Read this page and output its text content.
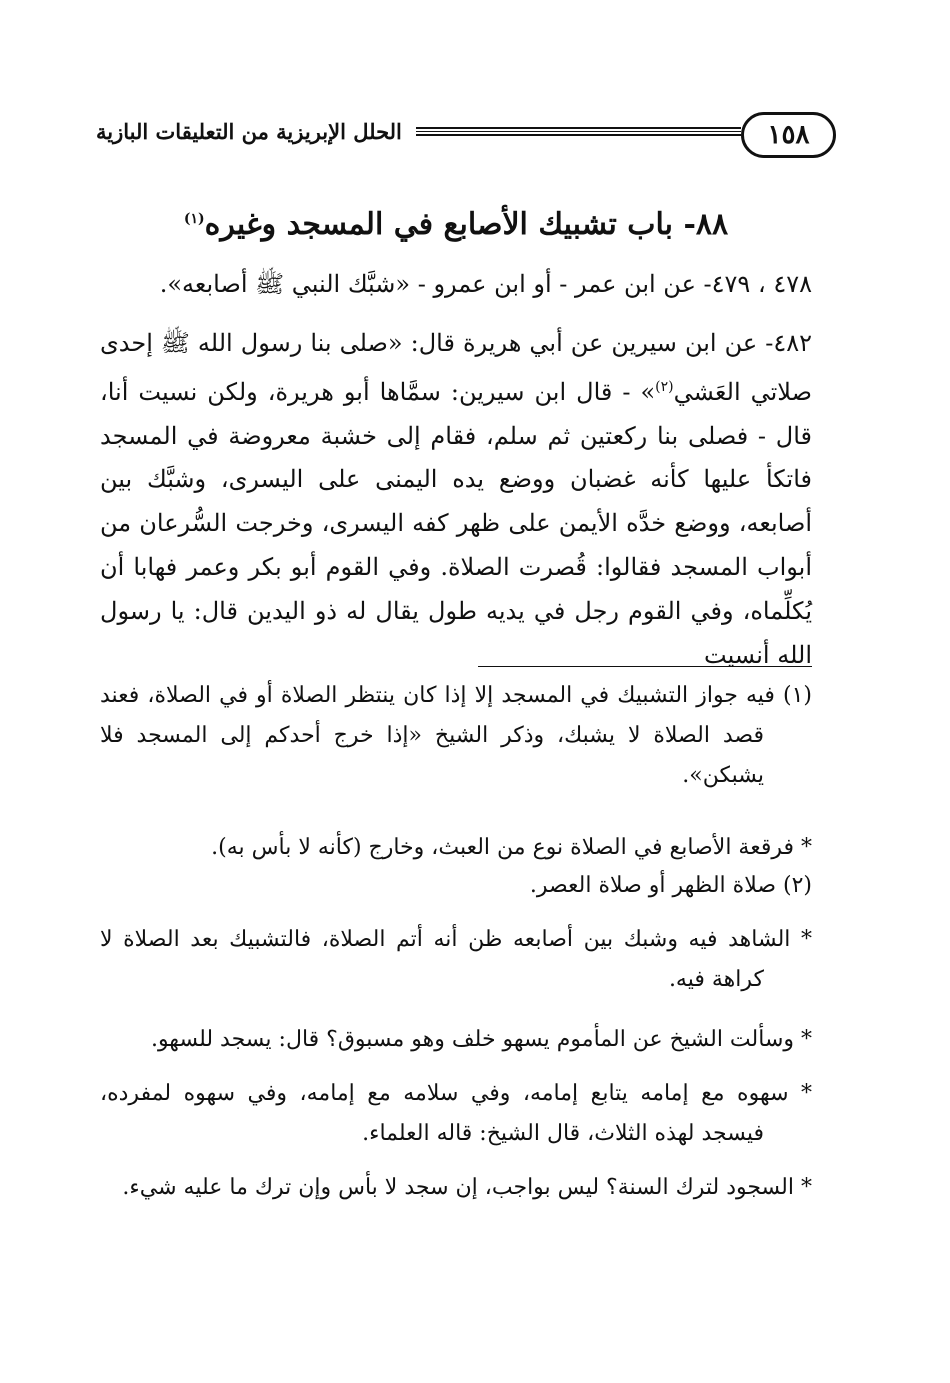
١٥٨
الحلل الإبريزية من التعليقات البازية
٨٨- باب تشبيك الأصابع في المسجد وغيره$^{(١)}$
٤٧٨ ، ٤٧٩- عن ابن عمر - أو ابن عمرو - «شبَّك النبي ﷺ أصابعه».
٤٨٢- عن ابن سيرين عن أبي هريرة قال: «صلى بنا رسول الله ﷺ إحدى صلاتي العَشي$^{(٢)}$» - قال ابن سيرين: سمَّاها أبو هريرة، ولكن نسيت أنا، قال - فصلى بنا ركعتين ثم سلم، فقام إلى خشبة معروضة في المسجد فاتكأ عليها كأنه غضبان ووضع يده اليمنى على اليسرى، وشبَّك بين أصابعه، ووضع خدَّه الأيمن على ظهر كفه اليسرى، وخرجت السُّرعان من أبواب المسجد فقالوا: قُصرت الصلاة. وفي القوم أبو بكر وعمر فهابا أن يُكلِّماه، وفي القوم رجل في يديه طول يقال له ذو اليدين قال: يا رسول الله أنسيت
(١) فيه جواز التشبيك في المسجد إلا إذا كان ينتظر الصلاة أو في الصلاة، فعند قصد الصلاة لا يشبك، وذكر الشيخ «إذا خرج أحدكم إلى المسجد فلا يشبكن».
* فرقعة الأصابع في الصلاة نوع من العبث، وخارج (كأنه لا بأس به).
(٢) صلاة الظهر أو صلاة العصر.
* الشاهد فيه وشبك بين أصابعه ظن أنه أتم الصلاة، فالتشبيك بعد الصلاة لا كراهة فيه.
* وسألت الشيخ عن المأموم يسهو خلف وهو مسبوق؟ قال: يسجد للسهو.
* سهوه مع إمامه يتابع إمامه، وفي سلامه مع إمامه، وفي سهوه لمفرده، فيسجد لهذه الثلاث، قال الشيخ: قاله العلماء.
* السجود لترك السنة؟ ليس بواجب، إن سجد لا بأس وإن ترك ما عليه شيء.
